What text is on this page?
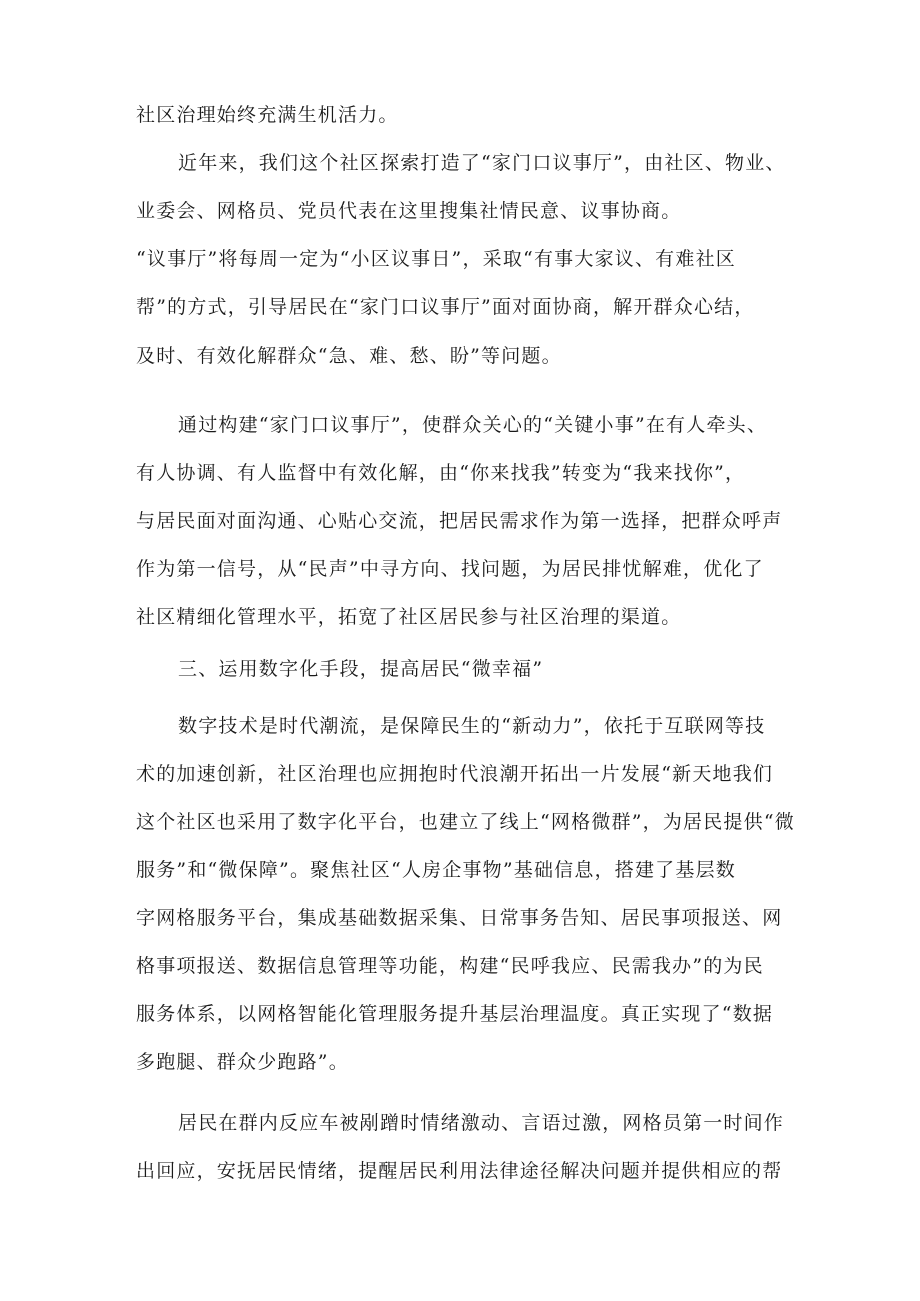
社区治理始终充满生机活力。
近年来，我们这个社区探索打造了“家门口议事厅”，由社区、物业、
业委会、网格员、党员代表在这里搜集社情民意、议事协商。
“议事厅”将每周一定为“小区议事日”，采取“有事大家议、有难社区
帮”的方式，引导居民在“家门口议事厅”面对面协商，解开群众心结，
及时、有效化解群众“急、难、愁、盼”等问题。
通过构建“家门口议事厅”，使群众关心的“关键小事”在有人牵头、
有人协调、有人监督中有效化解，由“你来找我”转变为“我来找你”，
与居民面对面沟通、心贴心交流，把居民需求作为第一选择，把群众呼声
作为第一信号，从“民声”中寻方向、找问题，为居民排忧解难，优化了
社区精细化管理水平，拓宽了社区居民参与社区治理的渠道。
三、运用数字化手段，提高居民“微幸福”
数字技术是时代潮流，是保障民生的“新动力”，依托于互联网等技
术的加速创新，社区治理也应拥抱时代浪潮开拓出一片发展“新天地我们
这个社区也采用了数字化平台，也建立了线上“网格微群”，为居民提供“微
服务”和“微保障”。聚焦社区“人房企事物”基础信息，搭建了基层数
字网格服务平台，集成基础数据采集、日常事务告知、居民事项报送、网
格事项报送、数据信息管理等功能，构建“民呼我应、民需我办”的为民
服务体系，以网格智能化管理服务提升基层治理温度。真正实现了“数据
多跑腿、群众少跑路”。
居民在群内反应车被剐蹭时情绪激动、言语过激，网格员第一时间作
出回应，安抚居民情绪，提醒居民利用法律途径解决问题并提供相应的帮
